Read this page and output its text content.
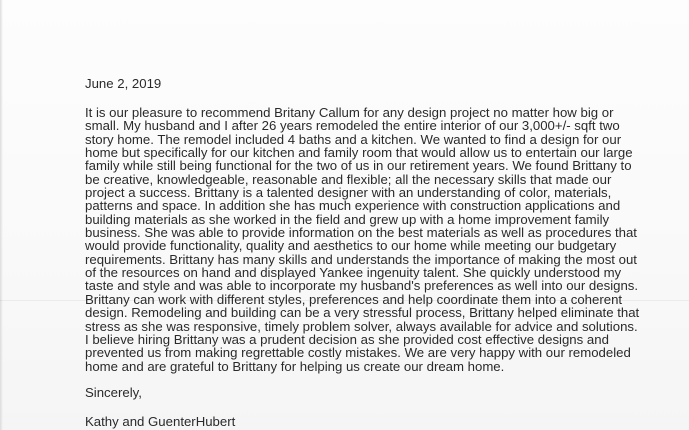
June 2, 2019
It is our pleasure to recommend Britany Callum for any design project no matter how big or
small. My husband and I after 26 years remodeled the entire interior of our 3,000+/- sqft two
story home. The remodel included 4 baths and a kitchen. We wanted to find a design for our
home but specifically for our kitchen and family room that would allow us to entertain our large
family while still being functional for the two of us in our retirement years. We found Brittany to
be creative, knowledgeable, reasonable and flexible; all the necessary skills that made our
project a success. Brittany is a talented designer with an understanding of color, materials,
patterns and space. In addition she has much experience with construction applications and
building materials as she worked in the field and grew up with a home improvement family
business. She was able to provide information on the best materials as well as procedures that
would provide functionality, quality and aesthetics to our home while meeting our budgetary
requirements. Brittany has many skills and understands the importance of making the most out
of the resources on hand and displayed Yankee ingenuity talent. She quickly understood my
taste and style and was able to incorporate my husband's preferences as well into our designs.
Brittany can work with different styles, preferences and help coordinate them into a coherent
design. Remodeling and building can be a very stressful process, Brittany helped eliminate that
stress as she was responsive, timely problem solver, always available for advice and solutions.
I believe hiring Brittany was a prudent decision as she provided cost effective designs and
prevented us from making regrettable costly mistakes. We are very happy with our remodeled
home and are grateful to Brittany for helping us create our dream home.
Sincerely,
Kathy and GuenterHubert
